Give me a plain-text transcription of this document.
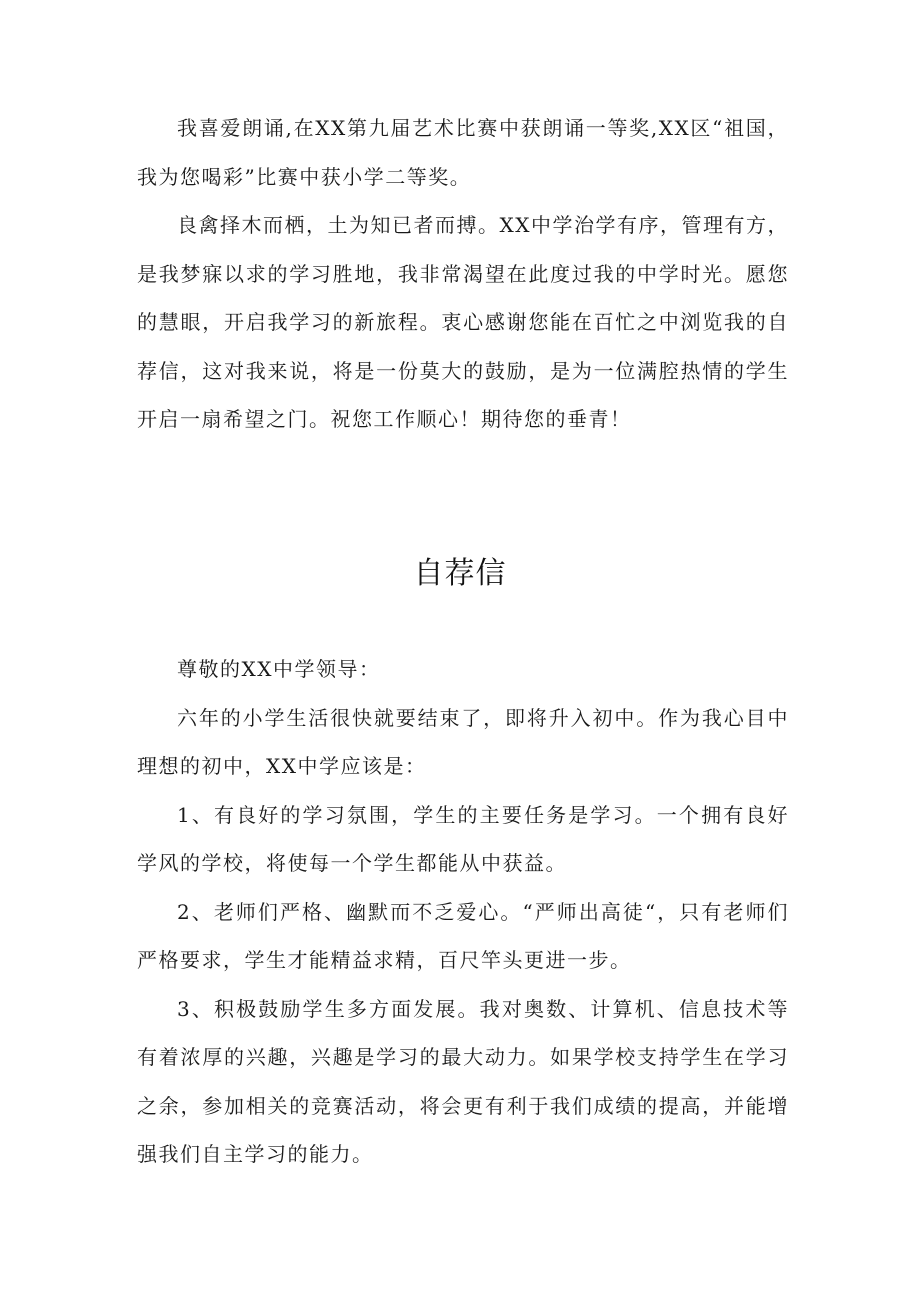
我喜爱朗诵,在XX第九届艺术比赛中获朗诵一等奖,XX区“祖国，我为您喝彩”比赛中获小学二等奖。

良禽择木而栖，土为知已者而搏。XX中学治学有序，管理有方，是我梦寐以求的学习胜地，我非常渴望在此度过我的中学时光。愿您的慧眼，开启我学习的新旅程。衷心感谢您能在百忙之中浏览我的自荐信，这对我来说，将是一份莫大的鼓励，是为一位满腔热情的学生开启一扇希望之门。祝您工作顺心！期待您的垂青！

自荐信

尊敬的XX中学领导：

六年的小学生活很快就要结束了，即将升入初中。作为我心目中理想的初中，XX中学应该是：

1、有良好的学习氛围，学生的主要任务是学习。一个拥有良好学风的学校，将使每一个学生都能从中获益。

2、老师们严格、幽默而不乏爱心。“严师出高徒“，只有老师们严格要求，学生才能精益求精，百尺竿头更进一步。

3、积极鼓励学生多方面发展。我对奥数、计算机、信息技术等有着浓厚的兴趣，兴趣是学习的最大动力。如果学校支持学生在学习之余，参加相关的竞赛活动，将会更有利于我们成绩的提高，并能增强我们自主学习的能力。
